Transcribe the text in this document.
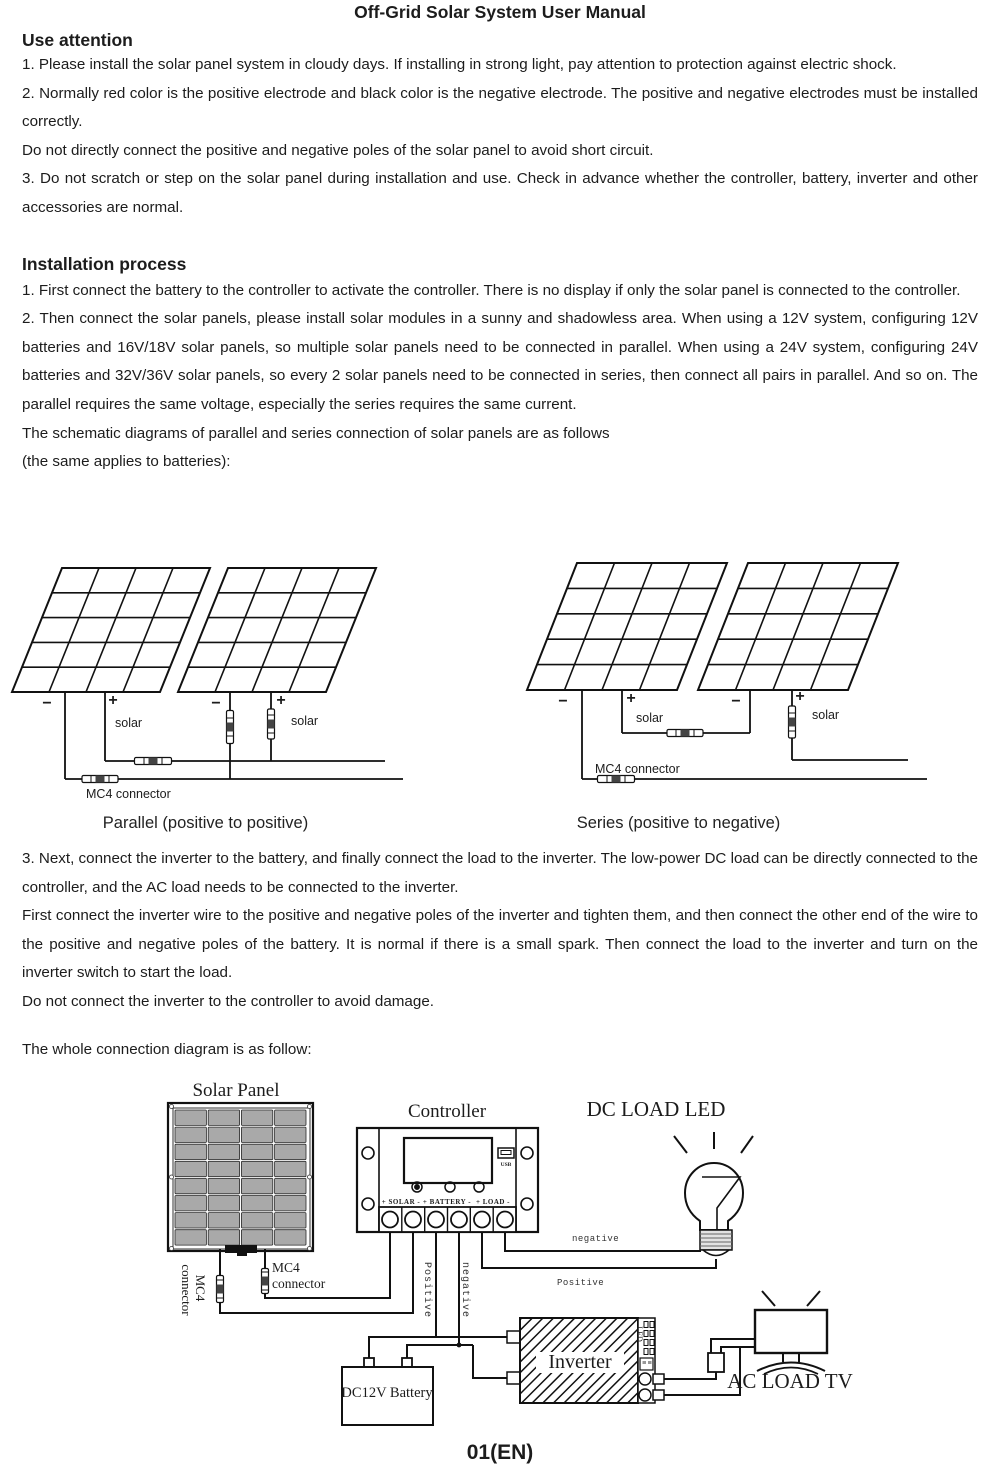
Off-Grid Solar System User Manual
Use attention

1. Please install the solar panel system in cloudy days. If installing in strong light, pay attention to protection against electric shock.

2. Normally red color is the positive electrode and black color is the negative electrode. The positive and negative electrodes must be installed correctly.

Do not directly connect the positive and negative poles of the solar panel to avoid short circuit.

3. Do not scratch or step on the solar panel during installation and use. Check in advance whether the controller, battery, inverter and other accessories are normal.

Installation process

1. First connect the battery to the controller to activate the controller. There is no display if only the solar panel is connected to the controller.

2. Then connect the solar panels, please install solar modules in a sunny and shadowless area. When using a 12V system, configuring 12V batteries and 16V/18V solar panels, so multiple solar panels need to be connected in parallel. When using a 24V system, configuring 24V batteries and 32V/36V solar panels, so every 2 solar panels need to be connected in series, then connect all pairs in parallel. And so on. The parallel requires the same voltage, especially the series requires the same current.

The schematic diagrams of parallel and series connection of solar panels are as follows

(the same applies to batteries):

−	+	−	+
solar	solar
MC4 connector
−	+	−	+
solar	solar
MC4 connector
Parallel (positive to positive)	Series (positive to negative)

3. Next, connect the inverter to the battery, and finally connect the load to the inverter. The low-power DC load can be directly connected to the controller, and the AC load needs to be connected to the inverter.

First connect the inverter wire to the positive and negative poles of the inverter and tighten them, and then connect the other end of the wire to the positive and negative poles of the battery. It is normal if there is a small spark. Then connect the load to the inverter and turn on the inverter switch to start the load.

Do not connect the inverter to the controller to avoid damage.

The whole connection diagram is as follow:
Solar Panel
MC4
connector	MC4
connector
Controller
USB
+ SOLAR - + BATTERY - + LOAD -
Positive	negative
negative
Positive
DC LOAD LED
DC12V Battery
Inverter
LED
AC LOAD TV
01(EN)
